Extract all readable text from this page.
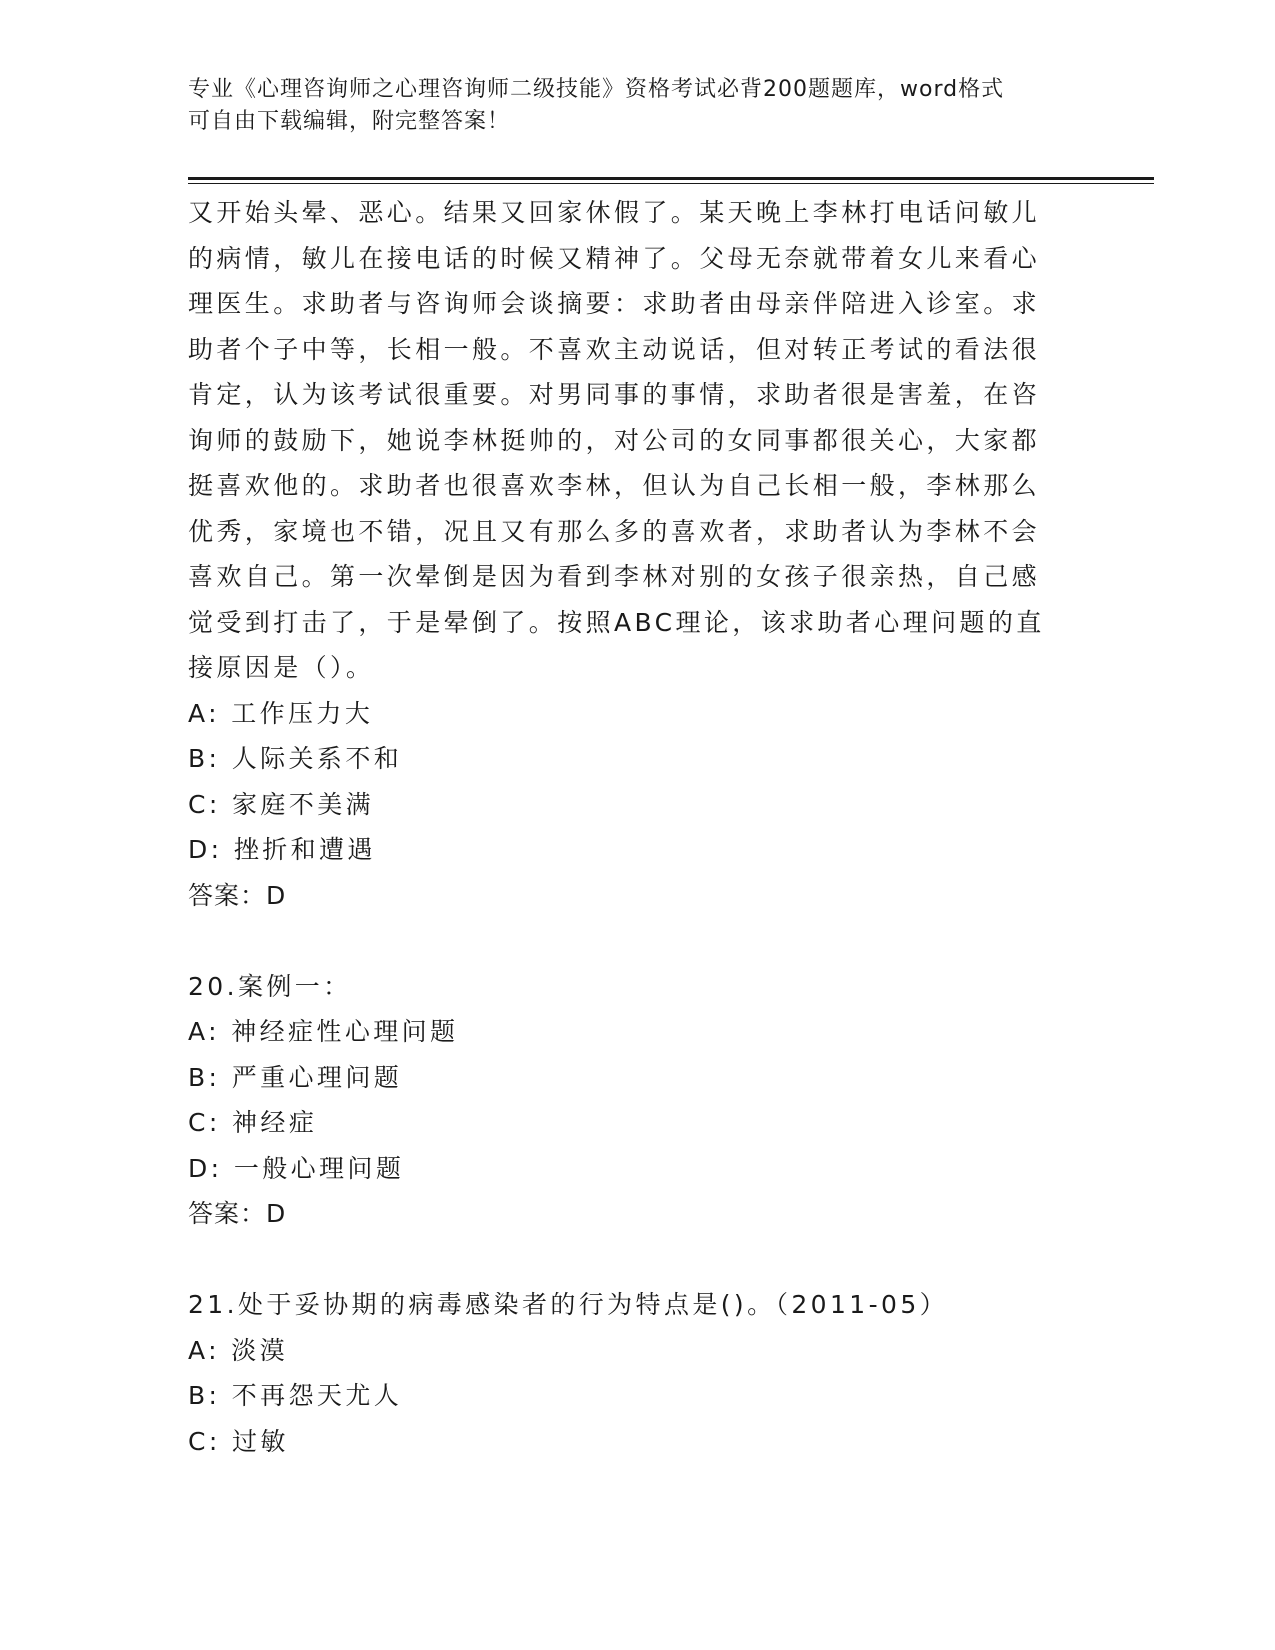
专业《心理咨询师之心理咨询师二级技能》资格考试必背200题题库，word格式
可自由下载编辑，附完整答案！

又开始头晕、恶心。结果又回家休假了。某天晚上李林打电话问敏儿的病情，敏儿在接电话的时候又精神了。父母无奈就带着女儿来看心理医生。求助者与咨询师会谈摘要：求助者由母亲伴陪进入诊室。求助者个子中等，长相一般。不喜欢主动说话，但对转正考试的看法很肯定，认为该考试很重要。对男同事的事情，求助者很是害羞，在咨询师的鼓励下，她说李林挺帅的，对公司的女同事都很关心，大家都挺喜欢他的。求助者也很喜欢李林，但认为自己长相一般，李林那么优秀，家境也不错，况且又有那么多的喜欢者，求助者认为李林不会喜欢自己。第一次晕倒是因为看到李林对别的女孩子很亲热，自己感觉受到打击了，于是晕倒了。按照ABC理论，该求助者心理问题的直接原因是（）。

A: 工作压力大

B: 人际关系不和

C: 家庭不美满

D: 挫折和遭遇

答案：D

20.案例一：

A: 神经症性心理问题

B: 严重心理问题

C: 神经症

D: 一般心理问题

答案：D

21.处于妥协期的病毒感染者的行为特点是()。（2011-05）

A: 淡漠

B: 不再怨天尤人

C: 过敏
